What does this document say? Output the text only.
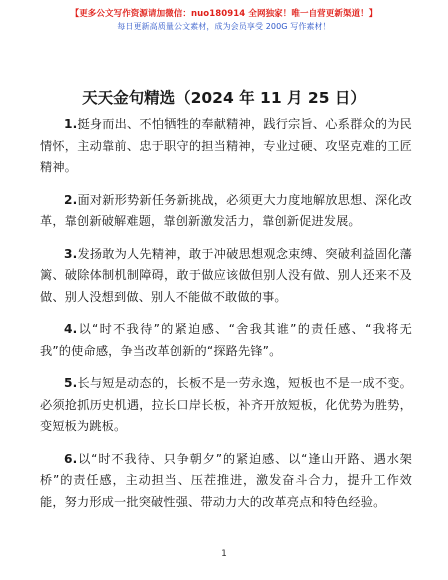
【更多公文写作资源请加微信：nuo180914 全网独家！唯一自营更新渠道！】
每日更新高质量公文素材，成为会员享受 200G 写作素材！
天天金句精选（2024 年 11 月 25 日）

1.挺身而出、不怕牺牲的奉献精神，践行宗旨、心系群众的为民情怀，主动靠前、忠于职守的担当精神，专业过硬、攻坚克难的工匠精神。

2.面对新形势新任务新挑战，必须更大力度地解放思想、深化改革，靠创新破解难题，靠创新激发活力，靠创新促进发展。

3.发扬敢为人先精神，敢于冲破思想观念束缚、突破利益固化藩篱、破除体制机制障碍，敢于做应该做但别人没有做、别人还来不及做、别人没想到做、别人不能做不敢做的事。

4.以“时不我待”的紧迫感、“舍我其谁”的责任感、“我将无我”的使命感，争当改革创新的“探路先锋”。

5.长与短是动态的，长板不是一劳永逸，短板也不是一成不变。必须抢抓历史机遇，拉长口岸长板，补齐开放短板，化优势为胜势，变短板为跳板。

6.以“时不我待、只争朝夕”的紧迫感、以“逢山开路、遇水架桥”的责任感，主动担当、压茬推进，激发奋斗合力，提升工作效能，努力形成一批突破性强、带动力大的改革亮点和特色经验。

1
